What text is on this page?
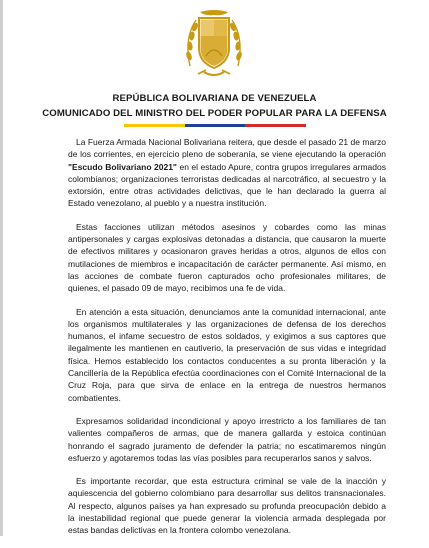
REPÚBLICA BOLIVARIANA DE VENEZUELA
COMUNICADO DEL MINISTRO DEL PODER POPULAR PARA LA DEFENSA

La Fuerza Armada Nacional Bolivariana reitera, que desde el pasado 21 de marzo de los corrientes, en ejercicio pleno de soberanía, se viene ejecutando la operación "Escudo Bolivariano 2021" en el estado Apure, contra grupos irregulares armados colombianos; organizaciones terroristas dedicadas al narcotráfico, al secuestro y la extorsión, entre otras actividades delictivas, que le han declarado la guerra al Estado venezolano, al pueblo y a nuestra institución.

Estas facciones utilizan métodos asesinos y cobardes como las minas antipersonales y cargas explosivas detonadas a distancia, que causaron la muerte de efectivos militares y ocasionaron graves heridas a otros, algunos de ellos con mutilaciones de miembros e incapacitación de carácter permanente. Así mismo, en las acciones de combate fueron capturados ocho profesionales militares, de quienes, el pasado 09 de mayo, recibimos una fe de vida.

En atención a esta situación, denunciamos ante la comunidad internacional, ante los organismos multilaterales y las organizaciones de defensa de los derechos humanos, el infame secuestro de estos soldados, y exigimos a sus captores que ilegalmente les mantienen en cautiverio, la preservación de sus vidas e integridad física. Hemos establecido los contactos conducentes a su pronta liberación y la Cancillería de la República efectúa coordinaciones con el Comité Internacional de la Cruz Roja, para que sirva de enlace en la entrega de nuestros hermanos combatientes.

Expresamos solidaridad incondicional y apoyo irrestricto a los familiares de tan valientes compañeros de armas, que de manera gallarda y estoica continúan honrando el sagrado juramento de defender la patria; no escatimaremos ningún esfuerzo y agotaremos todas las vías posibles para recuperarlos sanos y salvos.

Es importante recordar, que esta estructura criminal se vale de la inacción y aquiescencia del gobierno colombiano para desarrollar sus delitos transnacionales. Al respecto, algunos países ya han expresado su profunda preocupación debido a la inestabilidad regional que puede generar la violencia armada desplegada por estas bandas delictivas en la frontera colombo venezolana.
